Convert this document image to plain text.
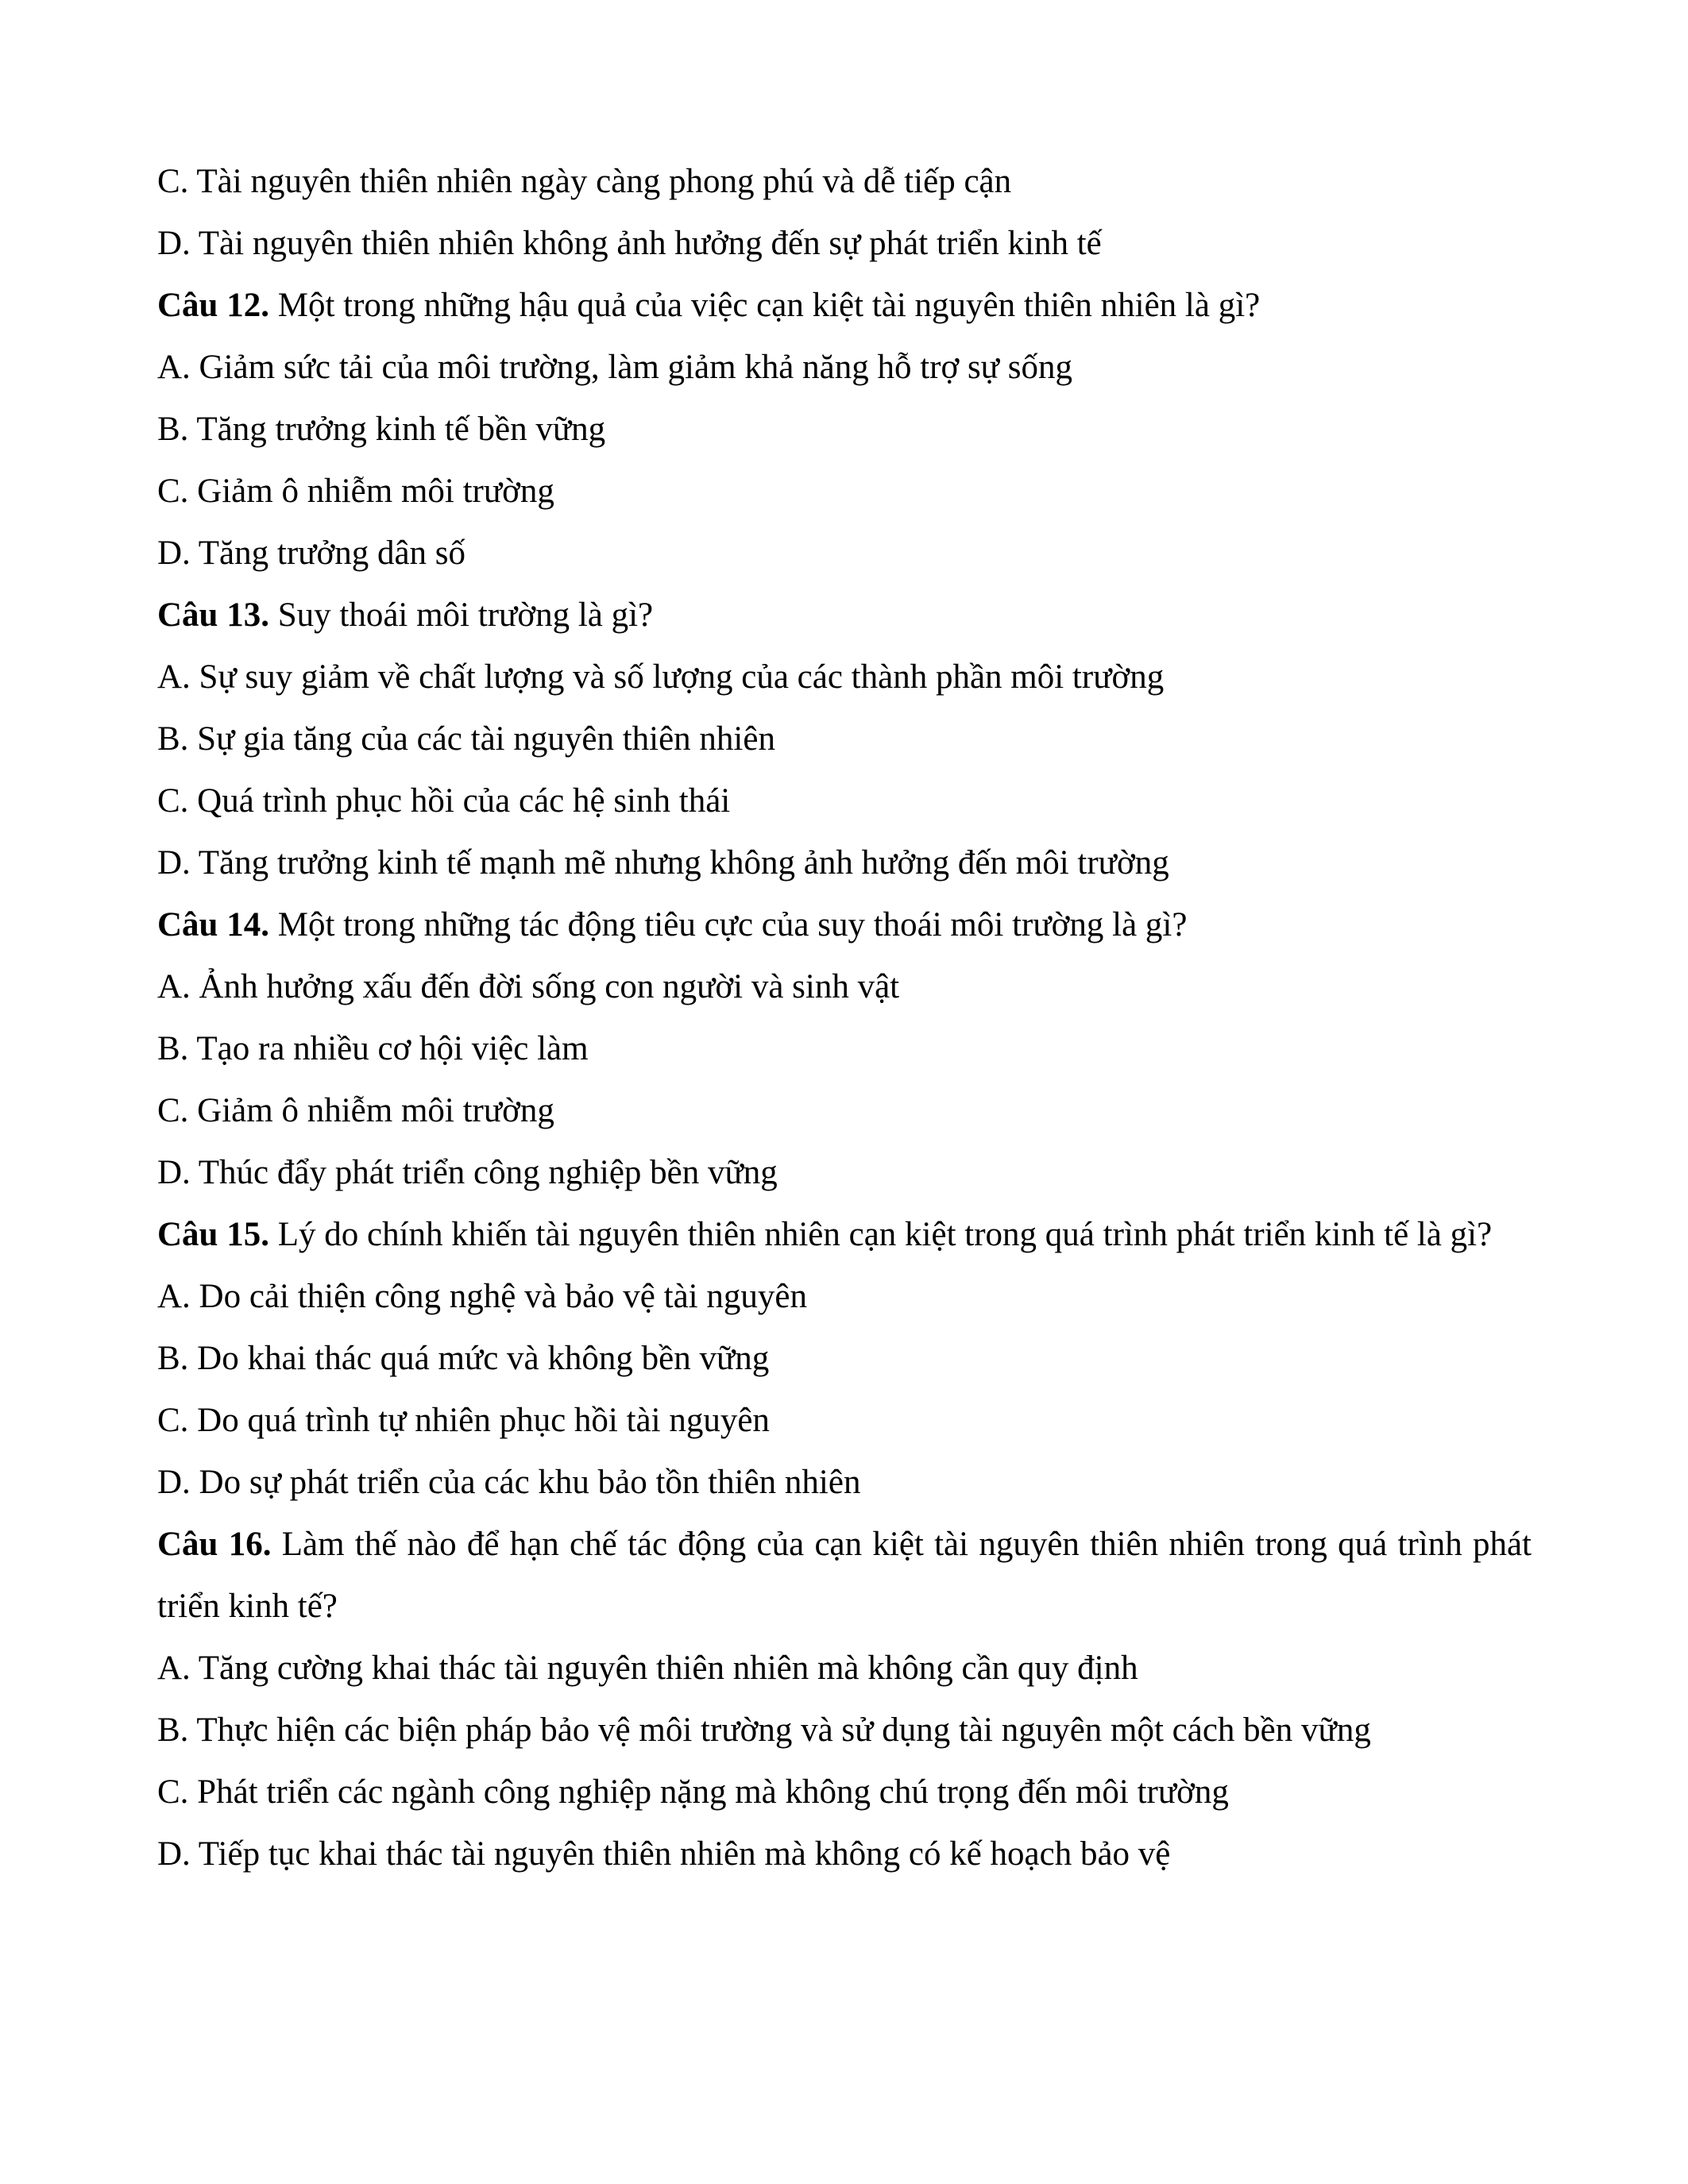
C. Tài nguyên thiên nhiên ngày càng phong phú và dễ tiếp cận
D. Tài nguyên thiên nhiên không ảnh hưởng đến sự phát triển kinh tế
Câu 12. Một trong những hậu quả của việc cạn kiệt tài nguyên thiên nhiên là gì?
A. Giảm sức tải của môi trường, làm giảm khả năng hỗ trợ sự sống
B. Tăng trưởng kinh tế bền vững
C. Giảm ô nhiễm môi trường
D. Tăng trưởng dân số
Câu 13. Suy thoái môi trường là gì?
A. Sự suy giảm về chất lượng và số lượng của các thành phần môi trường
B. Sự gia tăng của các tài nguyên thiên nhiên
C. Quá trình phục hồi của các hệ sinh thái
D. Tăng trưởng kinh tế mạnh mẽ nhưng không ảnh hưởng đến môi trường
Câu 14. Một trong những tác động tiêu cực của suy thoái môi trường là gì?
A. Ảnh hưởng xấu đến đời sống con người và sinh vật
B. Tạo ra nhiều cơ hội việc làm
C. Giảm ô nhiễm môi trường
D. Thúc đẩy phát triển công nghiệp bền vững
Câu 15. Lý do chính khiến tài nguyên thiên nhiên cạn kiệt trong quá trình phát triển kinh tế là gì?
A. Do cải thiện công nghệ và bảo vệ tài nguyên
B. Do khai thác quá mức và không bền vững
C. Do quá trình tự nhiên phục hồi tài nguyên
D. Do sự phát triển của các khu bảo tồn thiên nhiên
Câu 16. Làm thế nào để hạn chế tác động của cạn kiệt tài nguyên thiên nhiên trong quá trình phát triển kinh tế?
A. Tăng cường khai thác tài nguyên thiên nhiên mà không cần quy định
B. Thực hiện các biện pháp bảo vệ môi trường và sử dụng tài nguyên một cách bền vững
C. Phát triển các ngành công nghiệp nặng mà không chú trọng đến môi trường
D. Tiếp tục khai thác tài nguyên thiên nhiên mà không có kế hoạch bảo vệ
